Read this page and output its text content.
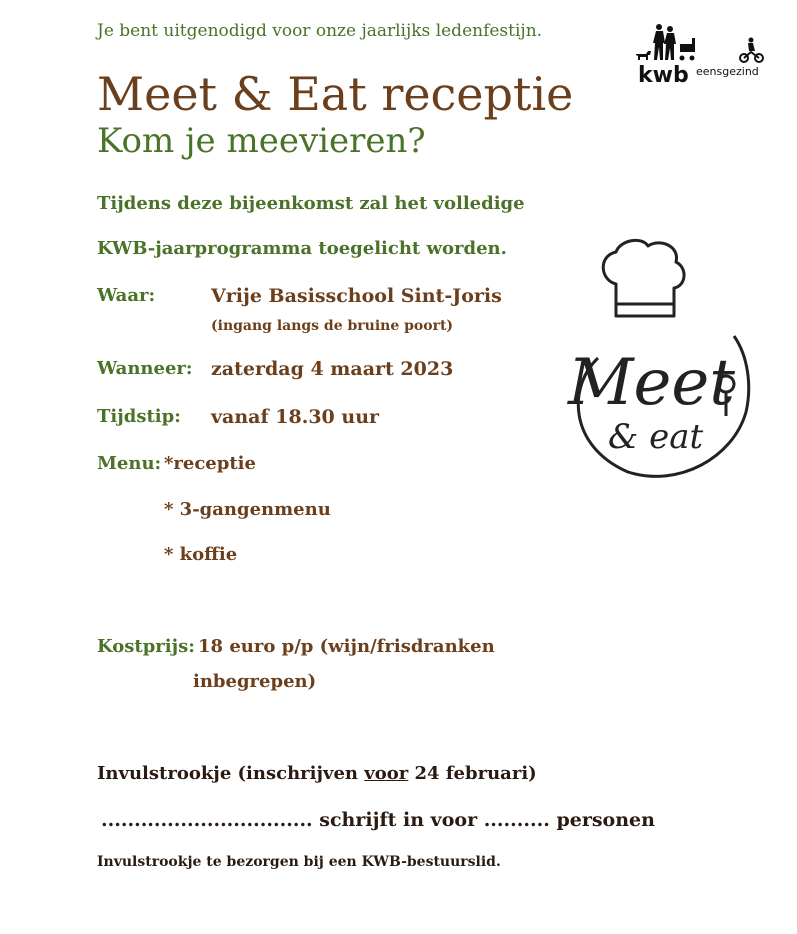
Je bent uitgenodigd voor onze jaarlijks ledenfestijn.
Meet & Eat receptie
Kom je meevieren?
Tijdens deze bijeenkomst zal het volledige
KWB-jaarprogramma toegelicht worden.
Waar:	Vrije Basisschool Sint-Joris
(ingang langs de bruine poort)
Wanneer: zaterdag 4 maart 2023
Tijdstip: vanaf 18.30 uur
Menu: *receptie
* 3-gangenmenu
* koffie
Kostprijs: 18 euro p/p (wijn/frisdranken
inbegrepen)
Invulstrookje (inschrijven voor 24 februari)
................................ schrijft in voor .......... personen
Invulstrookje te bezorgen bij een KWB-bestuurslid.
kwb eensgezind
Meet
& eat
